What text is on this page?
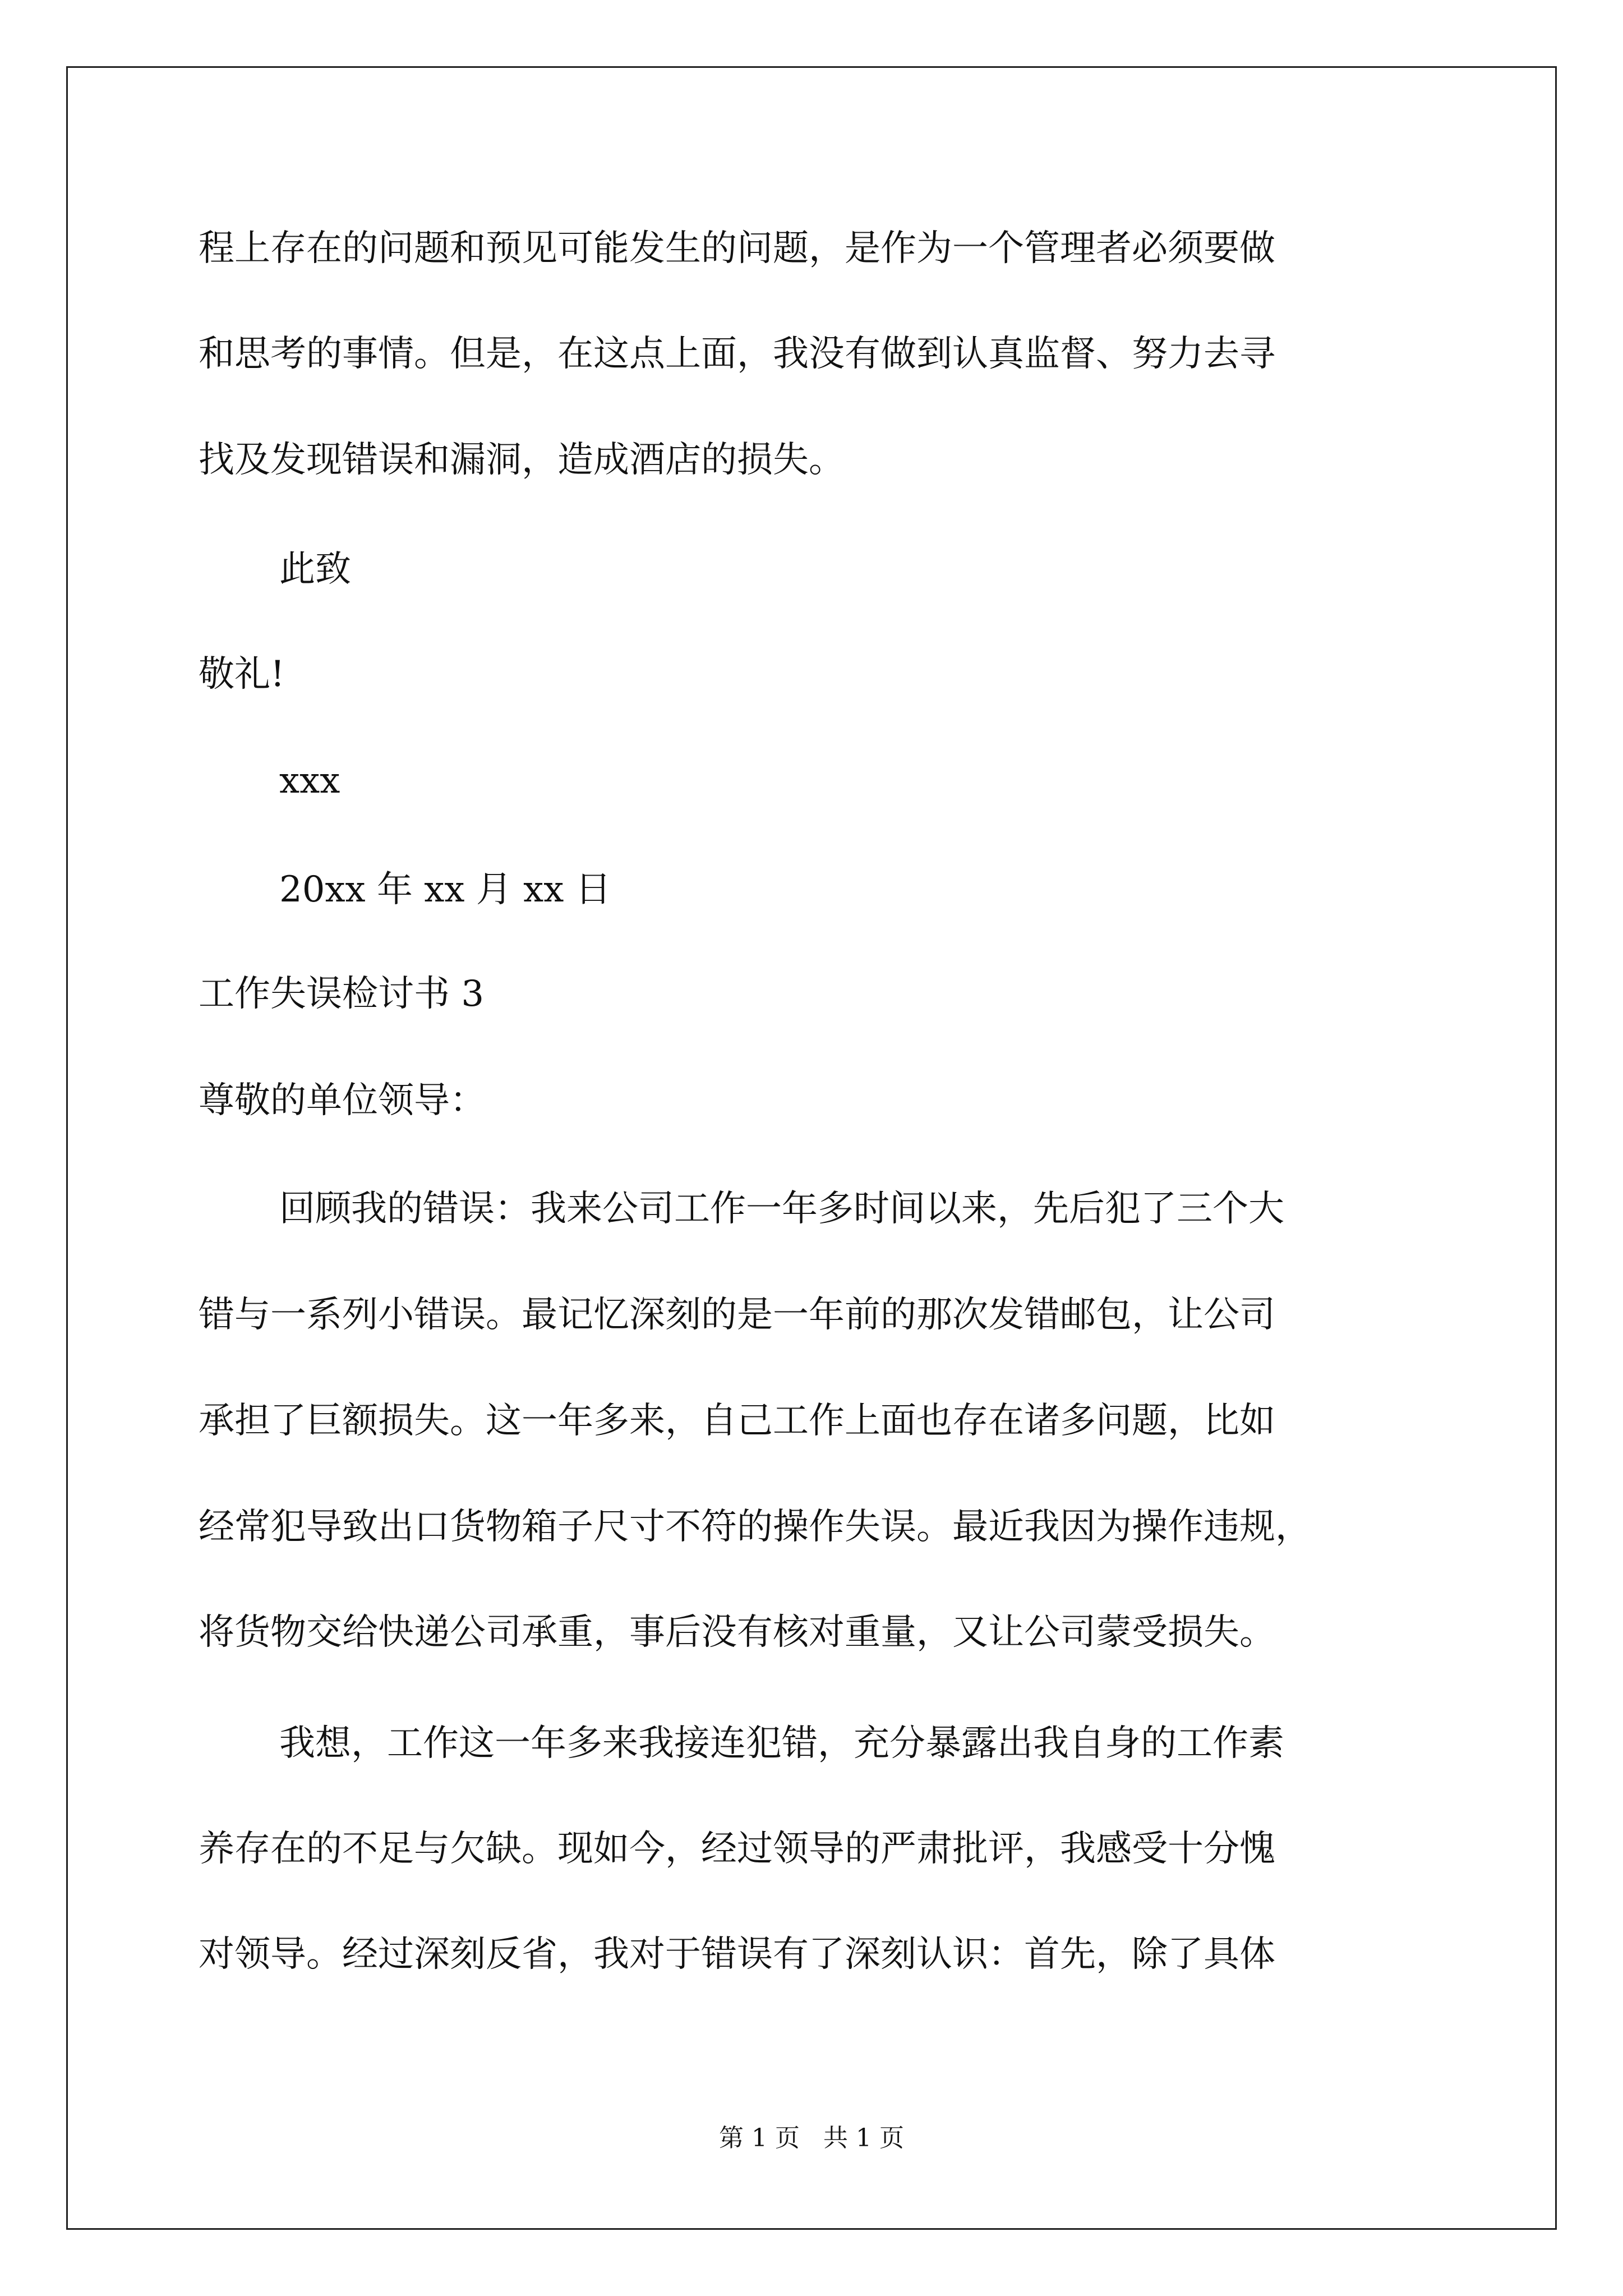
程上存在的问题和预见可能发生的问题，是作为一个管理者必须要做
和思考的事情。但是，在这点上面，我没有做到认真监督、努力去寻
找及发现错误和漏洞，造成酒店的损失。
此致
敬礼!
xxx
20xx 年 xx 月 xx 日
工作失误检讨书 3
尊敬的单位领导：
回顾我的错误：我来公司工作一年多时间以来，先后犯了三个大
错与一系列小错误。最记忆深刻的是一年前的那次发错邮包，让公司
承担了巨额损失。这一年多来，自己工作上面也存在诸多问题，比如
经常犯导致出口货物箱子尺寸不符的操作失误。最近我因为操作违规，
将货物交给快递公司承重，事后没有核对重量，又让公司蒙受损失。
我想，工作这一年多来我接连犯错，充分暴露出我自身的工作素
养存在的不足与欠缺。现如今，经过领导的严肃批评，我感受十分愧
对领导。经过深刻反省，我对于错误有了深刻认识：首先，除了具体
第 1 页   共 1 页
